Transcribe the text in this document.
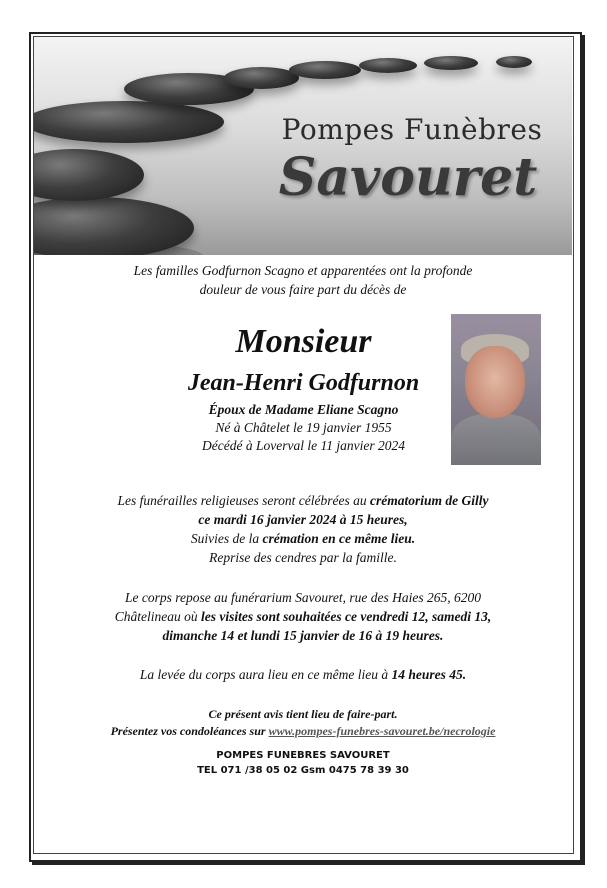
Pompes Funèbres
Savouret
Les familles Godfurnon Scagno et apparentées ont la profonde
douleur de vous faire part du décès de
Monsieur
Jean-Henri Godfurnon
Époux de Madame Eliane Scagno
Né à Châtelet le 19 janvier 1955
Décédé à Loverval le 11 janvier 2024
Les funérailles religieuses seront célébrées au crématorium de Gilly
ce mardi 16 janvier 2024 à 15 heures,
Suivies de la crémation en ce même lieu.
Reprise des cendres par la famille.
Le corps repose au funérarium Savouret, rue des Haies 265, 6200
Châtelineau où les visites sont souhaitées ce vendredi 12, samedi 13,
dimanche 14 et lundi 15 janvier de 16 à 19 heures.
La levée du corps aura lieu en ce même lieu à 14 heures 45.
Ce présent avis tient lieu de faire-part.
Présentez vos condoléances sur www.pompes-funebres-savouret.be/necrologie
POMPES FUNEBRES SAVOURET
TEL 071 /38 05 02 Gsm 0475 78 39 30
